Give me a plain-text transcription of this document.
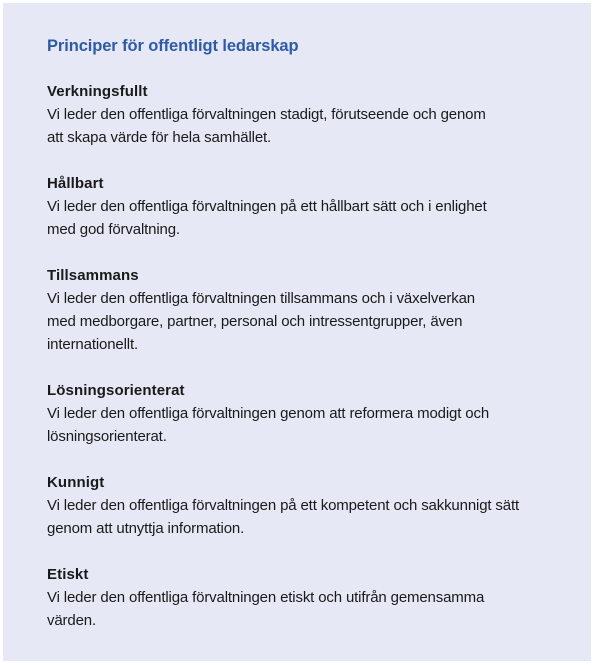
Principer för offentligt ledarskap
Verkningsfullt
Vi leder den offentliga förvaltningen stadigt, förutseende och genom
att skapa värde för hela samhället.
Hållbart
Vi leder den offentliga förvaltningen på ett hållbart sätt och i enlighet
med god förvaltning.
Tillsammans
Vi leder den offentliga förvaltningen tillsammans och i växelverkan
med medborgare, partner, personal och intressentgrupper, även
internationellt.
Lösningsorienterat
Vi leder den offentliga förvaltningen genom att reformera modigt och
lösningsorienterat.
Kunnigt
Vi leder den offentliga förvaltningen på ett kompetent och sakkunnigt sätt
genom att utnyttja information.
Etiskt
Vi leder den offentliga förvaltningen etiskt och utifrån gemensamma
värden.
